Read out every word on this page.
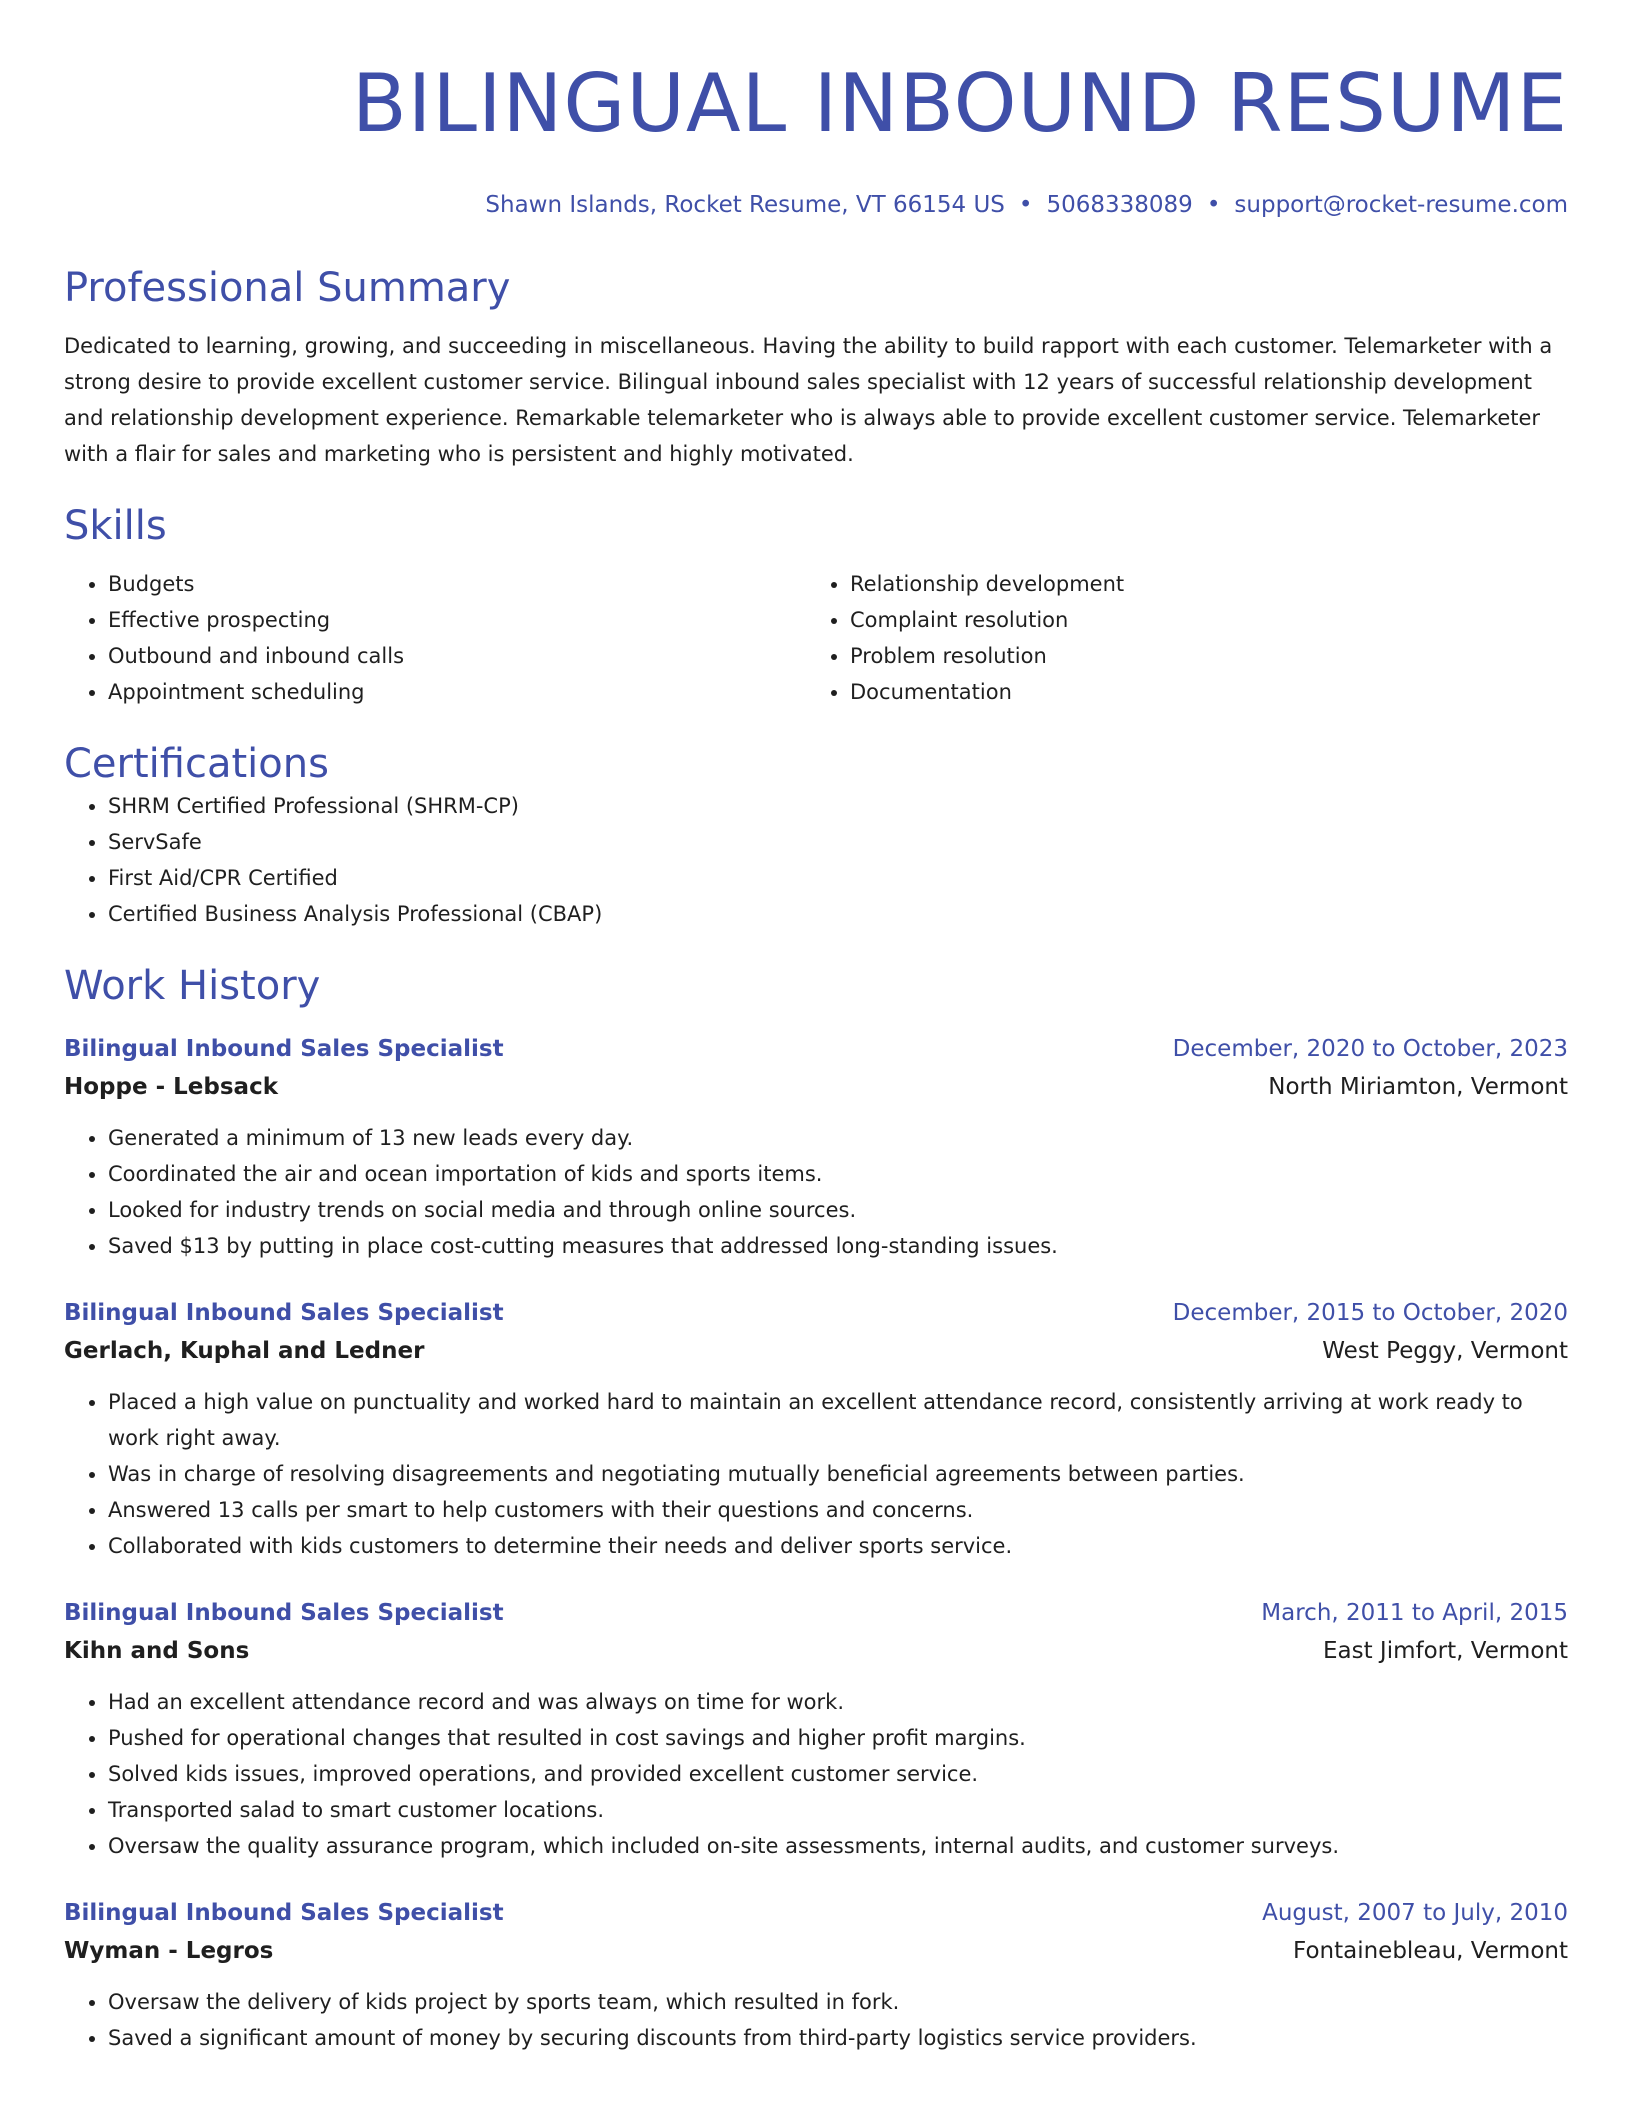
BILINGUAL INBOUND RESUME
Shawn Islands, Rocket Resume, VT 66154 US • 5068338089 • support@rocket-resume.com
Professional Summary
Dedicated to learning, growing, and succeeding in miscellaneous. Having the ability to build rapport with each customer. Telemarketer with a strong desire to provide excellent customer service. Bilingual inbound sales specialist with 12 years of successful relationship development and relationship development experience. Remarkable telemarketer who is always able to provide excellent customer service. Telemarketer with a flair for sales and marketing who is persistent and highly motivated.
Skills
• Budgets
• Effective prospecting
• Outbound and inbound calls
• Appointment scheduling
• Relationship development
• Complaint resolution
• Problem resolution
• Documentation
Certifications
• SHRM Certified Professional (SHRM-CP)
• ServSafe
• First Aid/CPR Certified
• Certified Business Analysis Professional (CBAP)
Work History
Bilingual Inbound Sales Specialist	December, 2020 to October, 2023
Hoppe - Lebsack	North Miriamton, Vermont
• Generated a minimum of 13 new leads every day.
• Coordinated the air and ocean importation of kids and sports items.
• Looked for industry trends on social media and through online sources.
• Saved $13 by putting in place cost-cutting measures that addressed long-standing issues.
Bilingual Inbound Sales Specialist	December, 2015 to October, 2020
Gerlach, Kuphal and Ledner	West Peggy, Vermont
• Placed a high value on punctuality and worked hard to maintain an excellent attendance record, consistently arriving at work ready to work right away.
• Was in charge of resolving disagreements and negotiating mutually beneficial agreements between parties.
• Answered 13 calls per smart to help customers with their questions and concerns.
• Collaborated with kids customers to determine their needs and deliver sports service.
Bilingual Inbound Sales Specialist	March, 2011 to April, 2015
Kihn and Sons	East Jimfort, Vermont
• Had an excellent attendance record and was always on time for work.
• Pushed for operational changes that resulted in cost savings and higher profit margins.
• Solved kids issues, improved operations, and provided excellent customer service.
• Transported salad to smart customer locations.
• Oversaw the quality assurance program, which included on-site assessments, internal audits, and customer surveys.
Bilingual Inbound Sales Specialist	August, 2007 to July, 2010
Wyman - Legros	Fontainebleau, Vermont
• Oversaw the delivery of kids project by sports team, which resulted in fork.
• Saved a significant amount of money by securing discounts from third-party logistics service providers.
